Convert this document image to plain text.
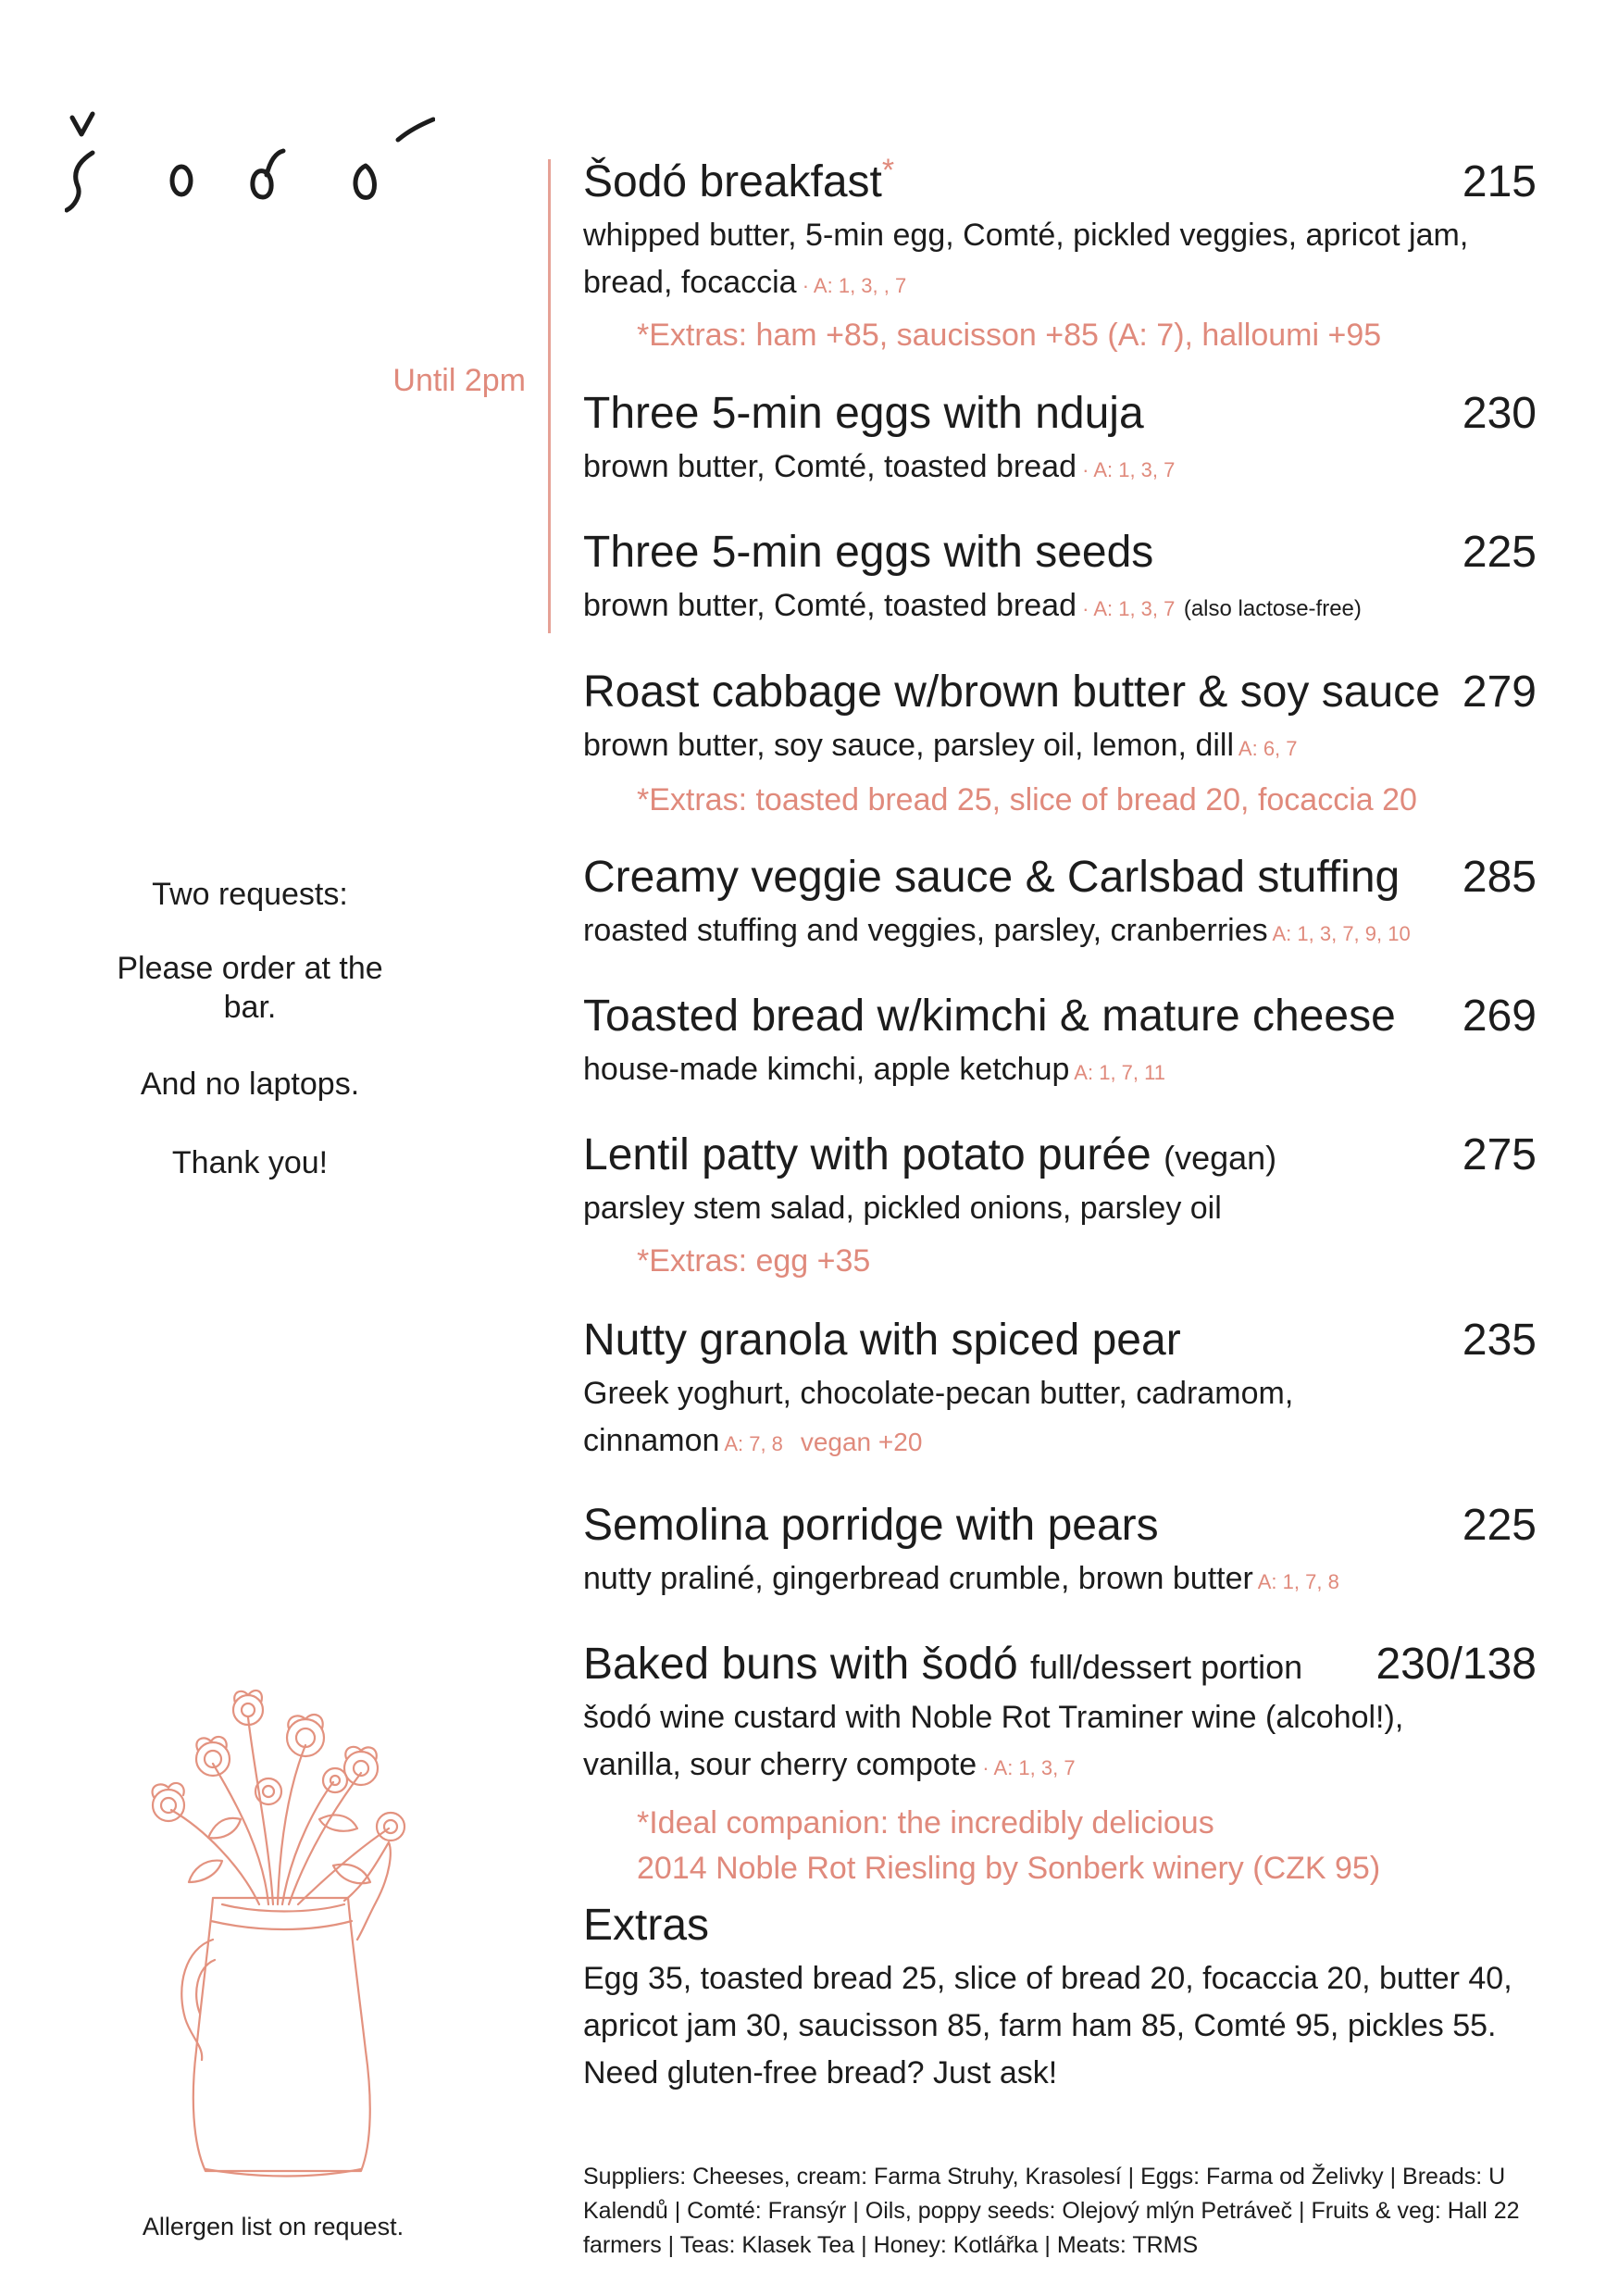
Until 2pm

Two requests:

Please order at the bar.

And no laptops.

Thank you!

Šodó breakfast*	215
whipped butter, 5-min egg, Comté, pickled veggies, apricot jam, bread, focaccia · A: 1, 3, , 7
*Extras: ham +85, saucisson +85 (A: 7), halloumi +95
Three 5-min eggs with nduja	230
brown butter, Comté, toasted bread · A: 1, 3, 7
Three 5-min eggs with seeds	225
brown butter, Comté, toasted bread · A: 1, 3, 7 (also lactose-free)
Roast cabbage w/brown butter & soy sauce 279
brown butter, soy sauce, parsley oil, lemon, dill A: 6, 7
*Extras: toasted bread 25, slice of bread 20, focaccia 20
Creamy veggie sauce & Carlsbad stuffing 285
roasted stuffing and veggies, parsley, cranberries A: 1, 3, 7, 9, 10
Toasted bread w/kimchi & mature cheese 269
house-made kimchi, apple ketchup A: 1, 7, 11
Lentil patty with potato purée (vegan)	275
parsley stem salad, pickled onions, parsley oil
*Extras: egg +35
Nutty granola with spiced pear	235
Greek yoghurt, chocolate-pecan butter, cadramom, cinnamon A: 7, 8 vegan +20
Semolina porridge with pears	225
nutty praliné, gingerbread crumble, brown butter A: 1, 7, 8
Baked buns with šodó full/dessert portion 230/138
šodó wine custard with Noble Rot Traminer wine (alcohol!), vanilla, sour cherry compote · A: 1, 3, 7
*Ideal companion: the incredibly delicious
2014 Noble Rot Riesling by Sonberk winery (CZK 95)
Extras
Egg 35, toasted bread 25, slice of bread 20, focaccia 20, butter 40, apricot jam 30, saucisson 85, farm ham 85, Comté 95, pickles 55. Need gluten-free bread? Just ask!
Suppliers: Cheeses, cream: Farma Struhy, Krasolesí | Eggs: Farma od Želivky | Breads: U Kalendů | Comté: Fransýr | Oils, poppy seeds: Olejový mlýn Petráveč | Fruits & veg: Hall 22 farmers | Teas: Klasek Tea | Honey: Kotlářka | Meats: TRMS
Allergen list on request.
